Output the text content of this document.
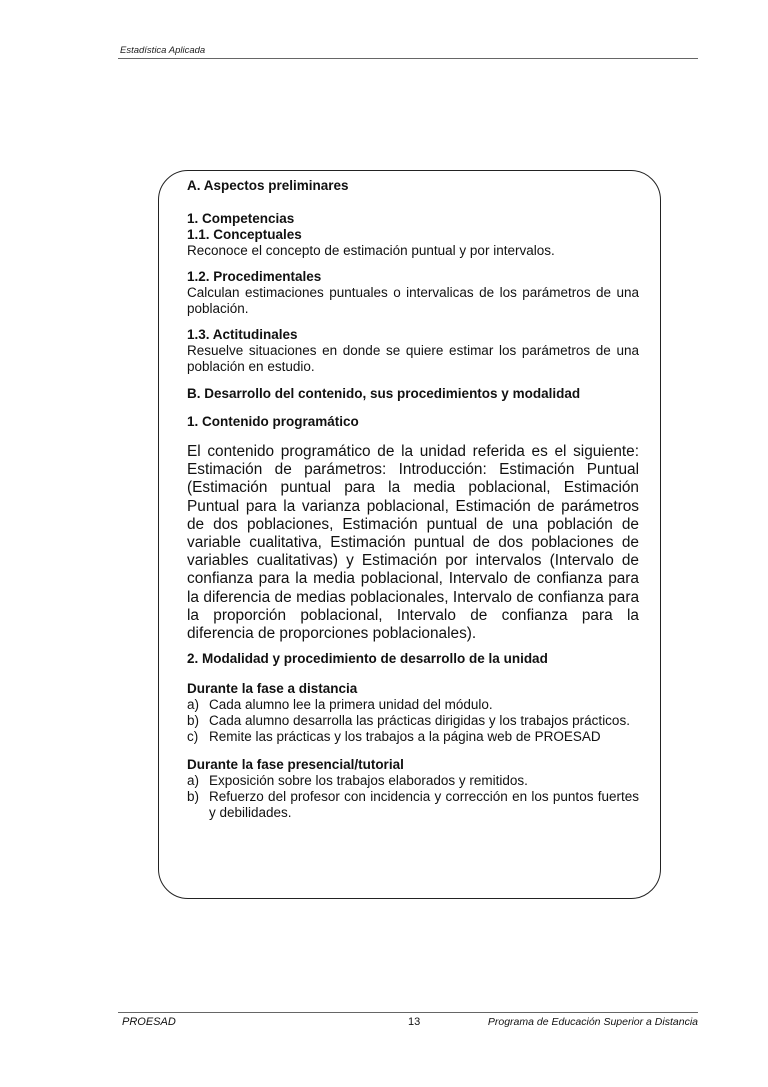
Estadística Aplicada

A. Aspectos preliminares

1. Competencias

1.1. Conceptuales

Reconoce el concepto de estimación puntual y por intervalos.

1.2. Procedimentales

Calculan estimaciones puntuales o intervalicas de los parámetros de una población.

1.3. Actitudinales

Resuelve situaciones en donde se quiere estimar los parámetros de una población en estudio.

B. Desarrollo del contenido, sus procedimientos y modalidad

1. Contenido programático

El contenido programático de la unidad referida es el siguiente: Estimación de parámetros: Introducción: Estimación Puntual (Estimación puntual para la media poblacional, Estimación Puntual para la varianza poblacional, Estimación de parámetros de dos poblaciones, Estimación puntual de una población de variable cualitativa, Estimación puntual de dos poblaciones de variables cualitativas) y Estimación por intervalos (Intervalo de confianza para la media poblacional, Intervalo de confianza para la diferencia de medias poblacionales, Intervalo de confianza para la proporción poblacional, Intervalo de confianza para la diferencia de proporciones poblacionales).

2. Modalidad y procedimiento de desarrollo de la unidad

Durante la fase a distancia

a) Cada alumno lee la primera unidad del módulo.
b) Cada alumno desarrolla las prácticas dirigidas y los trabajos prácticos.
c) Remite las prácticas y los trabajos a la página web de PROESAD

Durante la fase presencial/tutorial

a) Exposición sobre los trabajos elaborados y remitidos.
b) Refuerzo del profesor con incidencia y corrección en los puntos fuertes y debilidades.
PROESAD	13	Programa de Educación Superior a Distancia
